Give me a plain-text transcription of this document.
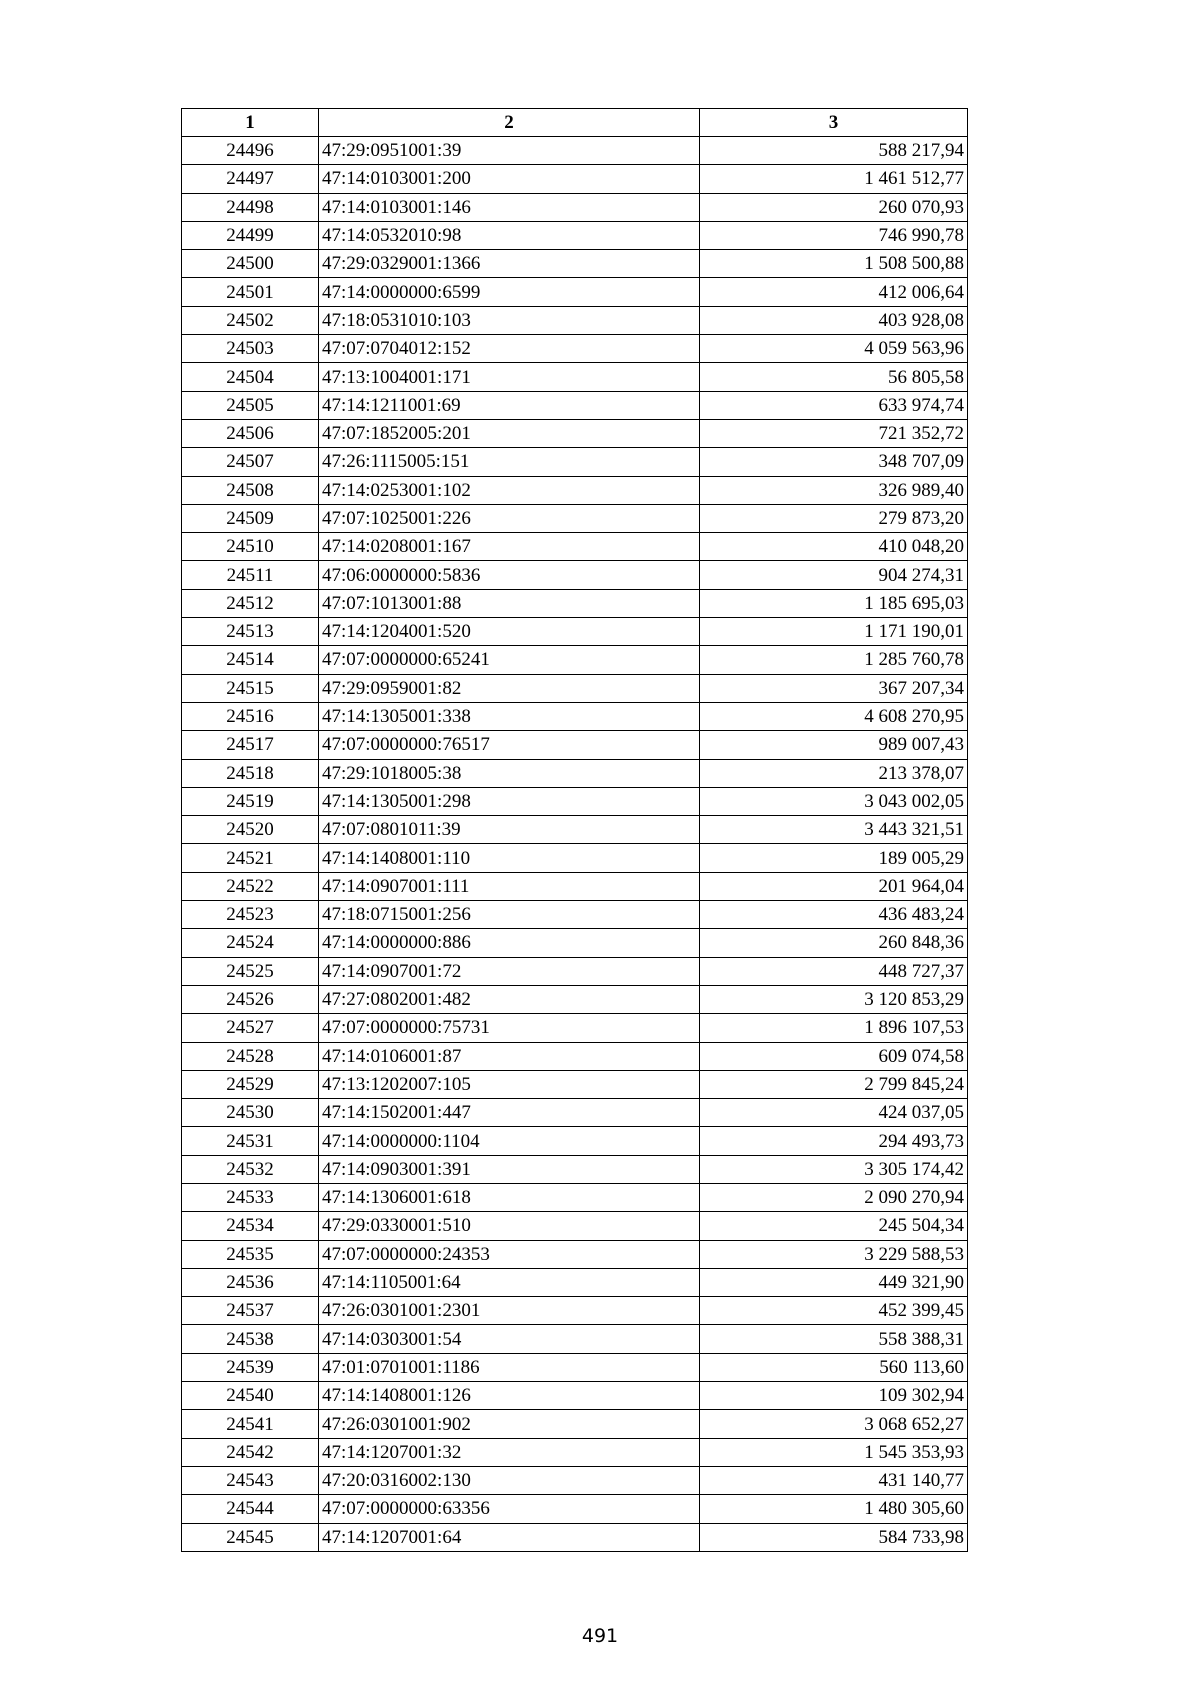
1	2	3
24496	47:29:0951001:39	588 217,94
24497	47:14:0103001:200	1 461 512,77
24498	47:14:0103001:146	260 070,93
24499	47:14:0532010:98	746 990,78
24500	47:29:0329001:1366	1 508 500,88
24501	47:14:0000000:6599	412 006,64
24502	47:18:0531010:103	403 928,08
24503	47:07:0704012:152	4 059 563,96
24504	47:13:1004001:171	56 805,58
24505	47:14:1211001:69	633 974,74
24506	47:07:1852005:201	721 352,72
24507	47:26:1115005:151	348 707,09
24508	47:14:0253001:102	326 989,40
24509	47:07:1025001:226	279 873,20
24510	47:14:0208001:167	410 048,20
24511	47:06:0000000:5836	904 274,31
24512	47:07:1013001:88	1 185 695,03
24513	47:14:1204001:520	1 171 190,01
24514	47:07:0000000:65241	1 285 760,78
24515	47:29:0959001:82	367 207,34
24516	47:14:1305001:338	4 608 270,95
24517	47:07:0000000:76517	989 007,43
24518	47:29:1018005:38	213 378,07
24519	47:14:1305001:298	3 043 002,05
24520	47:07:0801011:39	3 443 321,51
24521	47:14:1408001:110	189 005,29
24522	47:14:0907001:111	201 964,04
24523	47:18:0715001:256	436 483,24
24524	47:14:0000000:886	260 848,36
24525	47:14:0907001:72	448 727,37
24526	47:27:0802001:482	3 120 853,29
24527	47:07:0000000:75731	1 896 107,53
24528	47:14:0106001:87	609 074,58
24529	47:13:1202007:105	2 799 845,24
24530	47:14:1502001:447	424 037,05
24531	47:14:0000000:1104	294 493,73
24532	47:14:0903001:391	3 305 174,42
24533	47:14:1306001:618	2 090 270,94
24534	47:29:0330001:510	245 504,34
24535	47:07:0000000:24353	3 229 588,53
24536	47:14:1105001:64	449 321,90
24537	47:26:0301001:2301	452 399,45
24538	47:14:0303001:54	558 388,31
24539	47:01:0701001:1186	560 113,60
24540	47:14:1408001:126	109 302,94
24541	47:26:0301001:902	3 068 652,27
24542	47:14:1207001:32	1 545 353,93
24543	47:20:0316002:130	431 140,77
24544	47:07:0000000:63356	1 480 305,60
24545	47:14:1207001:64	584 733,98
491
